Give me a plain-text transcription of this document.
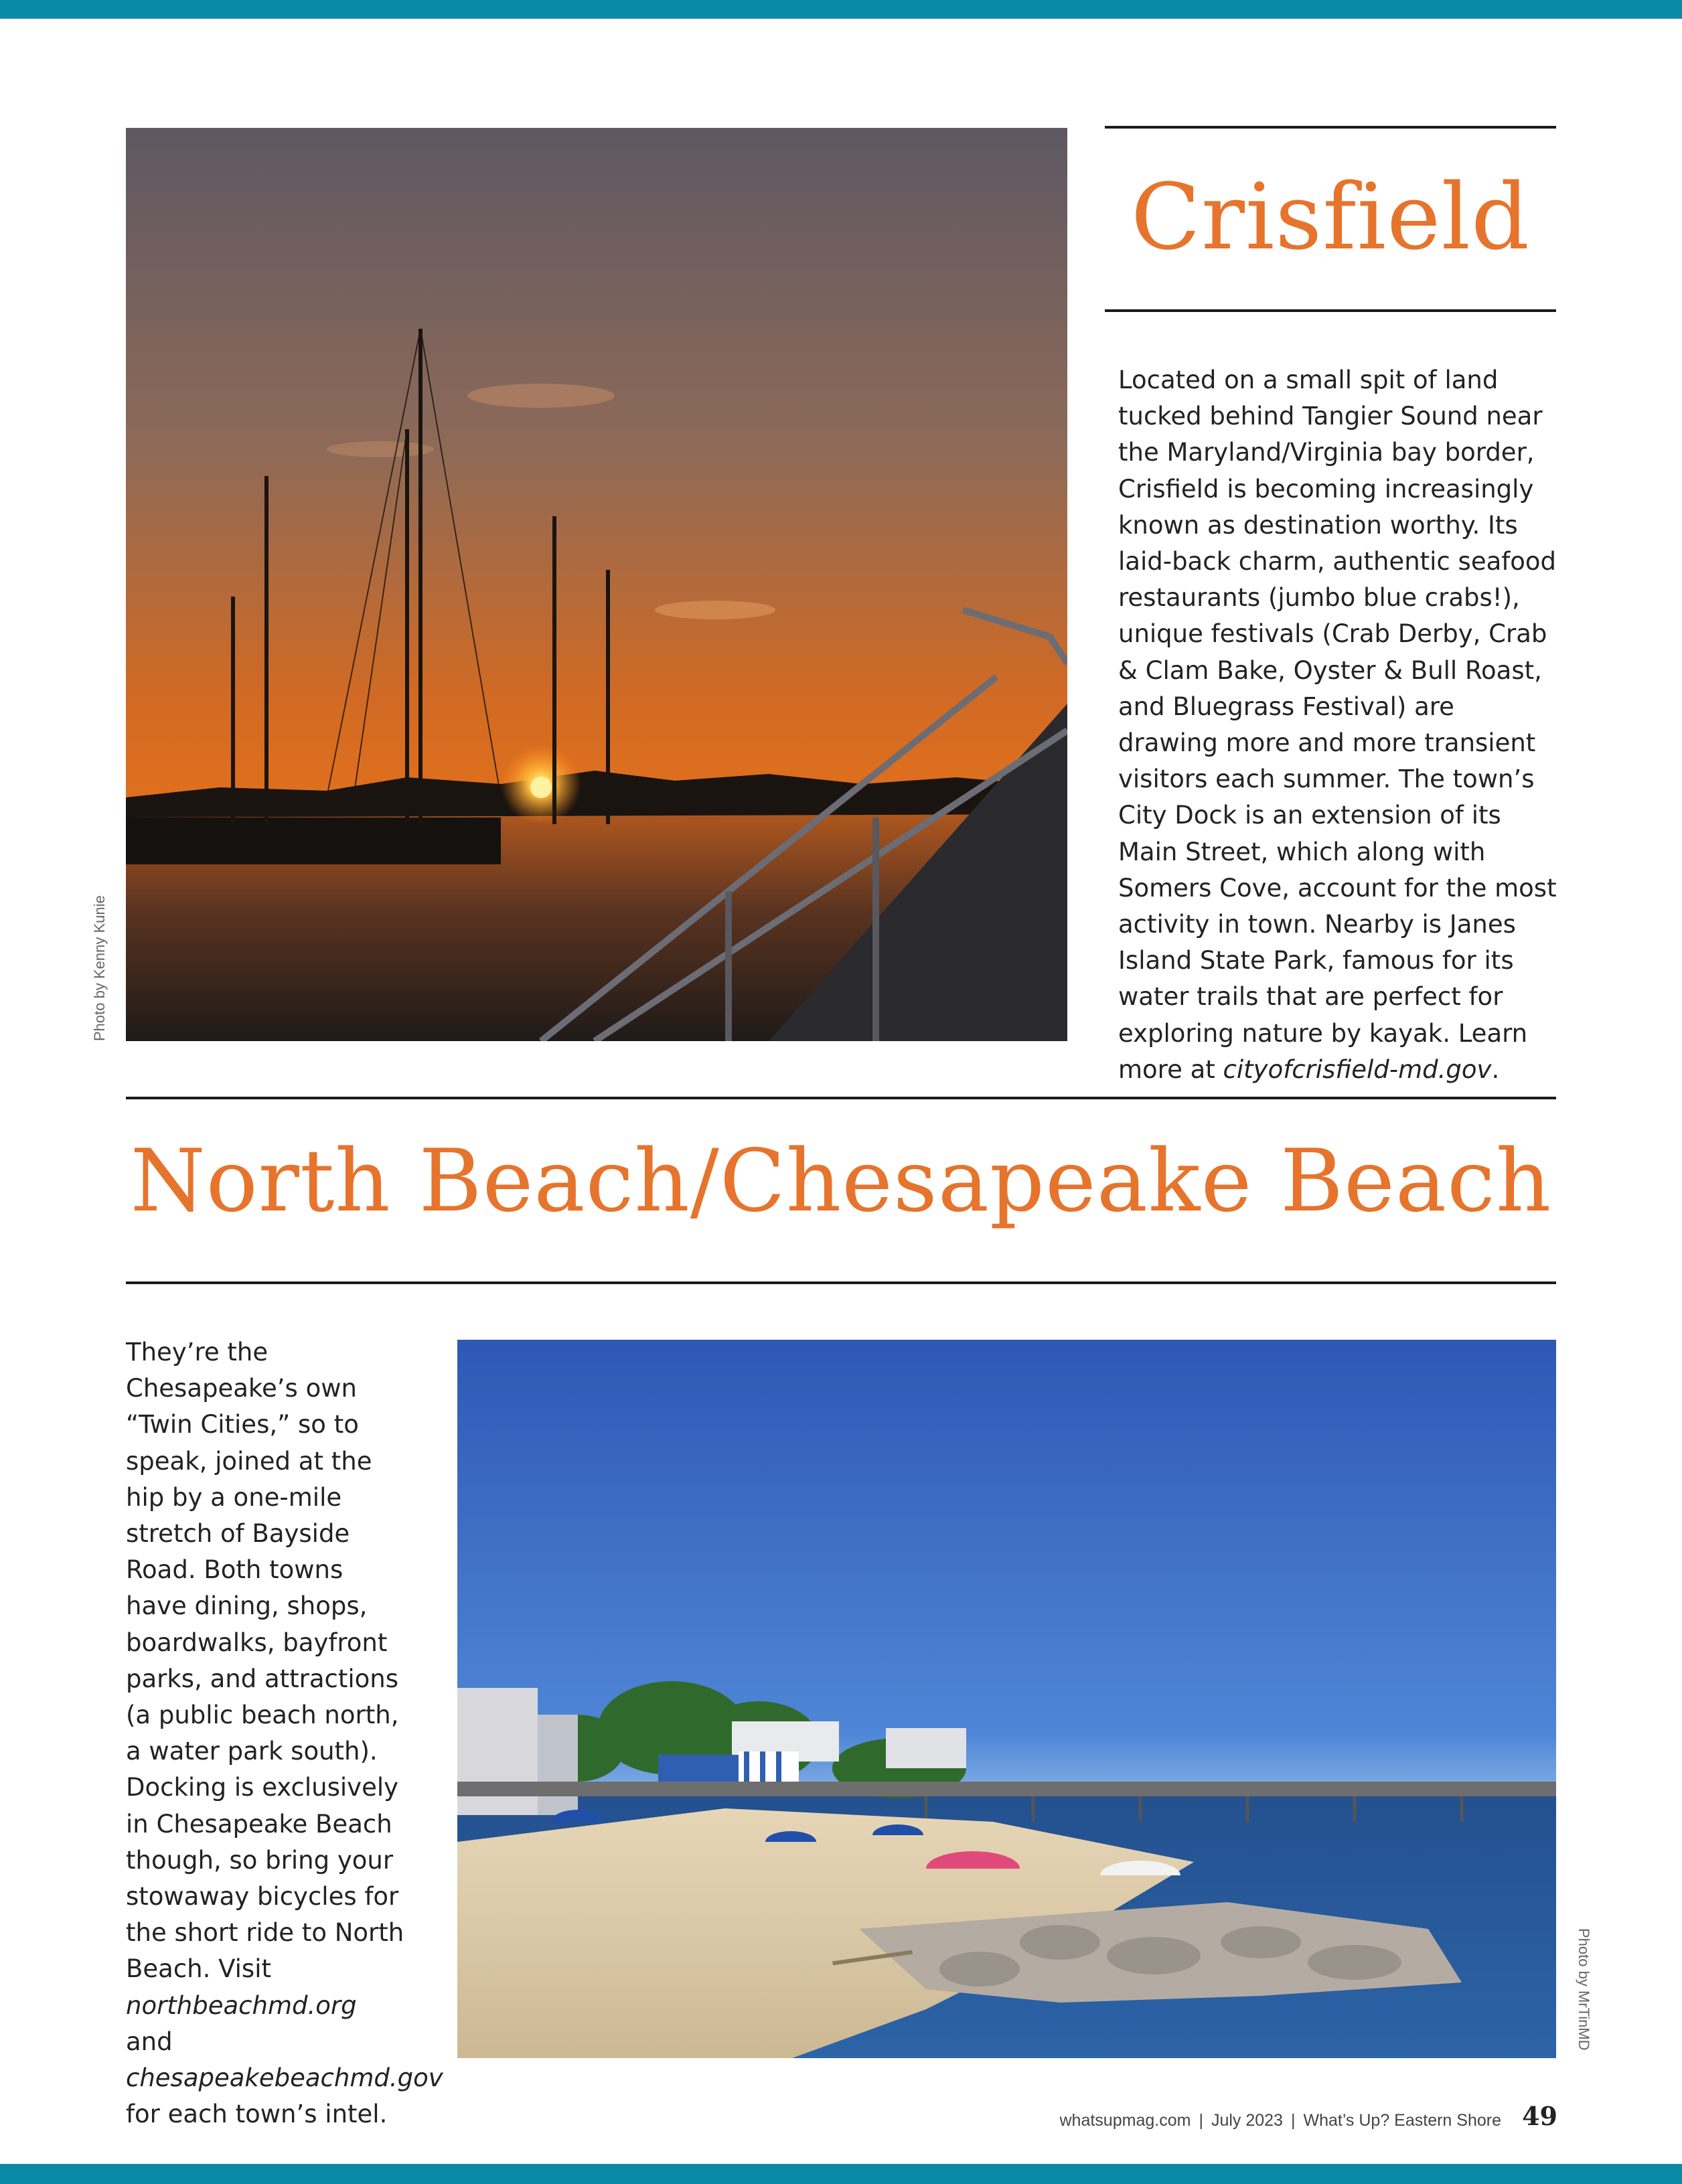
Photo by Kenny Kunie
Crisfield

Located on a small spit of land tucked behind Tangier Sound near the Maryland/Virginia bay border, Crisfield is becoming increasingly known as destination worthy. Its laid-back charm, authentic seafood restaurants (jumbo blue crabs!), unique festivals (Crab Derby, Crab & Clam Bake, Oyster & Bull Roast, and Bluegrass Festival) are drawing more and more transient visitors each summer. The town’s City Dock is an extension of its Main Street, which along with Somers Cove, account for the most activity in town. Nearby is Janes Island State Park, famous for its water trails that are perfect for exploring nature by kayak. Learn more at cityofcrisfield-md.gov.

North Beach/Chesapeake Beach

They’re the Chesapeake’s own “Twin Cities,” so to speak, joined at the hip by a one-mile stretch of Bayside Road. Both towns have dining, shops, boardwalks, bayfront parks, and attractions (a public beach north, a water park south). Docking is exclusively in Chesapeake Beach though, so bring your stowaway bicycles for the short ride to North Beach. Visit northbeachmd.org and chesapeakebeachmd.gov for each town’s intel.

Photo by MrTinMD
whatsupmag.com | July 2023 | What’s Up? Eastern Shore 49
